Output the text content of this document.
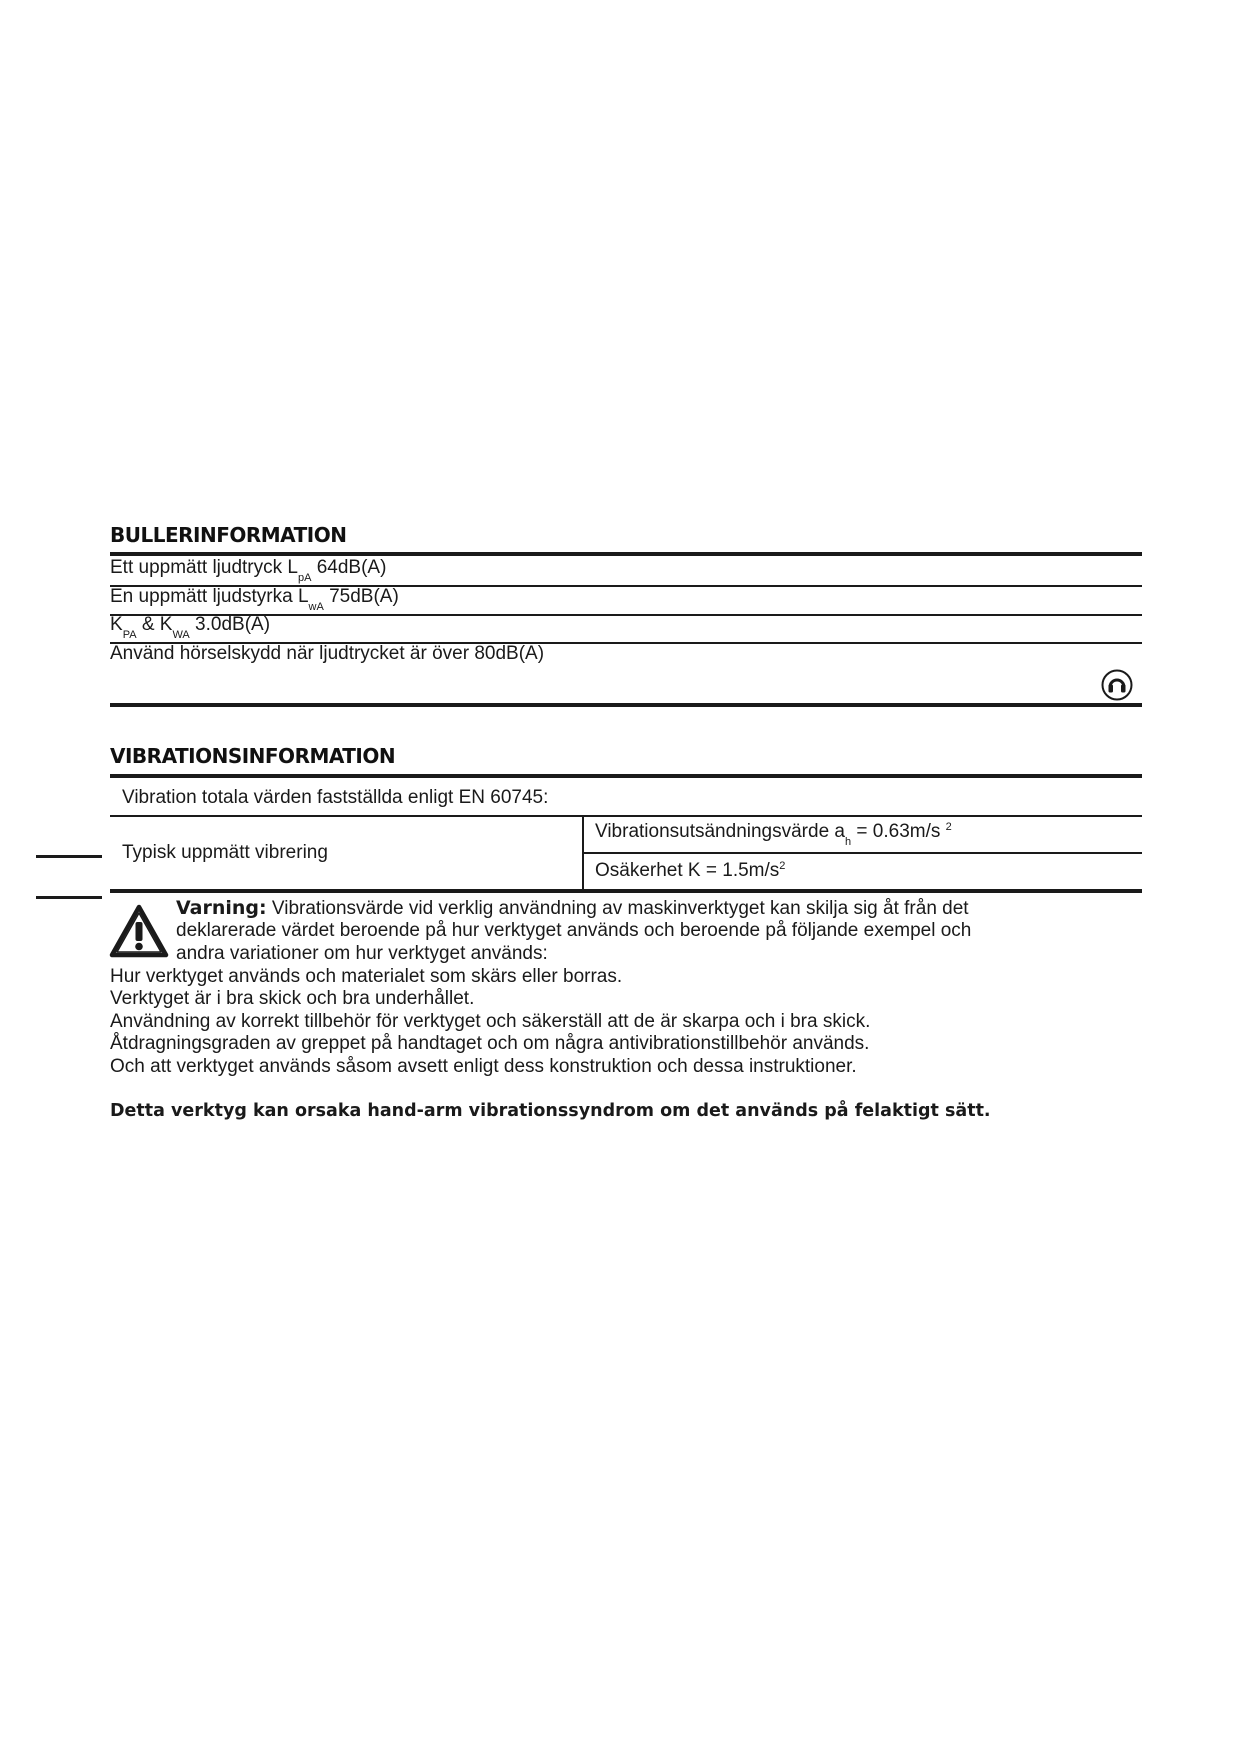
BULLERINFORMATION
Ett uppmätt ljudtryck $L_{pA}$ 64dB(A)
En uppmätt ljudstyrka $L_{wA}$ 75dB(A)
$K_{PA}$ & $K_{WA}$ 3.0dB(A)
Använd hörselskydd när ljudtrycket är över 80dB(A)
VIBRATIONSINFORMATION
Vibration totala värden fastställda enligt EN 60745:
Typisk uppmätt vibrering
Vibrationsutsändningsvärde $a_h = 0.63m/s$ $^2$
Osäkerhet $K = 1.5m/s^2$
Varning: Vibrationsvärde vid verklig användning av maskinverktyget kan skilja sig åt från det
deklarerade värdet beroende på hur verktyget används och beroende på följande exempel och
andra variationer om hur verktyget används:
Hur verktyget används och materialet som skärs eller borras.
Verktyget är i bra skick och bra underhållet.
Användning av korrekt tillbehör för verktyget och säkerställ att de är skarpa och i bra skick.
Åtdragningsgraden av greppet på handtaget och om några antivibrationstillbehör används.
Och att verktyget används såsom avsett enligt dess konstruktion och dessa instruktioner.
Detta verktyg kan orsaka hand-arm vibrationssyndrom om det används på felaktigt sätt.
